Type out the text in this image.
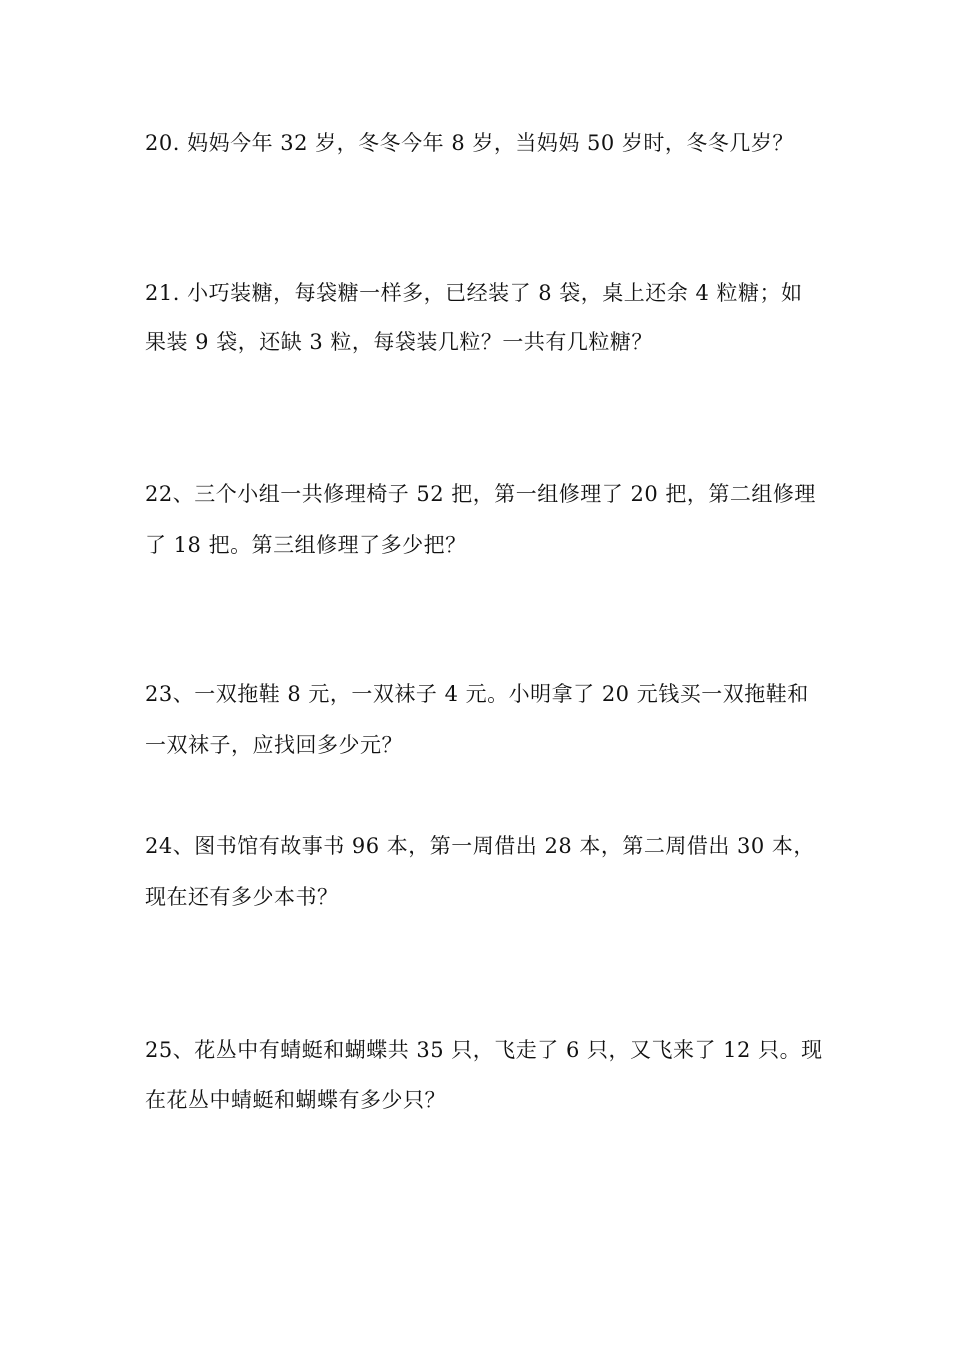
20. 妈妈今年 32 岁，冬冬今年 8 岁，当妈妈 50 岁时，冬冬几岁？
21. 小巧装糖，每袋糖一样多，已经装了 8 袋，桌上还余 4 粒糖；如
果装 9 袋，还缺 3 粒，每袋装几粒？一共有几粒糖？
22、三个小组一共修理椅子 52 把，第一组修理了 20 把，第二组修理
了 18 把。第三组修理了多少把？
23、一双拖鞋 8 元，一双袜子 4 元。小明拿了 20 元钱买一双拖鞋和
一双袜子，应找回多少元？
24、图书馆有故事书 96 本，第一周借出 28 本，第二周借出 30 本，
现在还有多少本书？
25、花丛中有蜻蜓和蝴蝶共 35 只，飞走了 6 只，又飞来了 12 只。现
在花丛中蜻蜓和蝴蝶有多少只？
